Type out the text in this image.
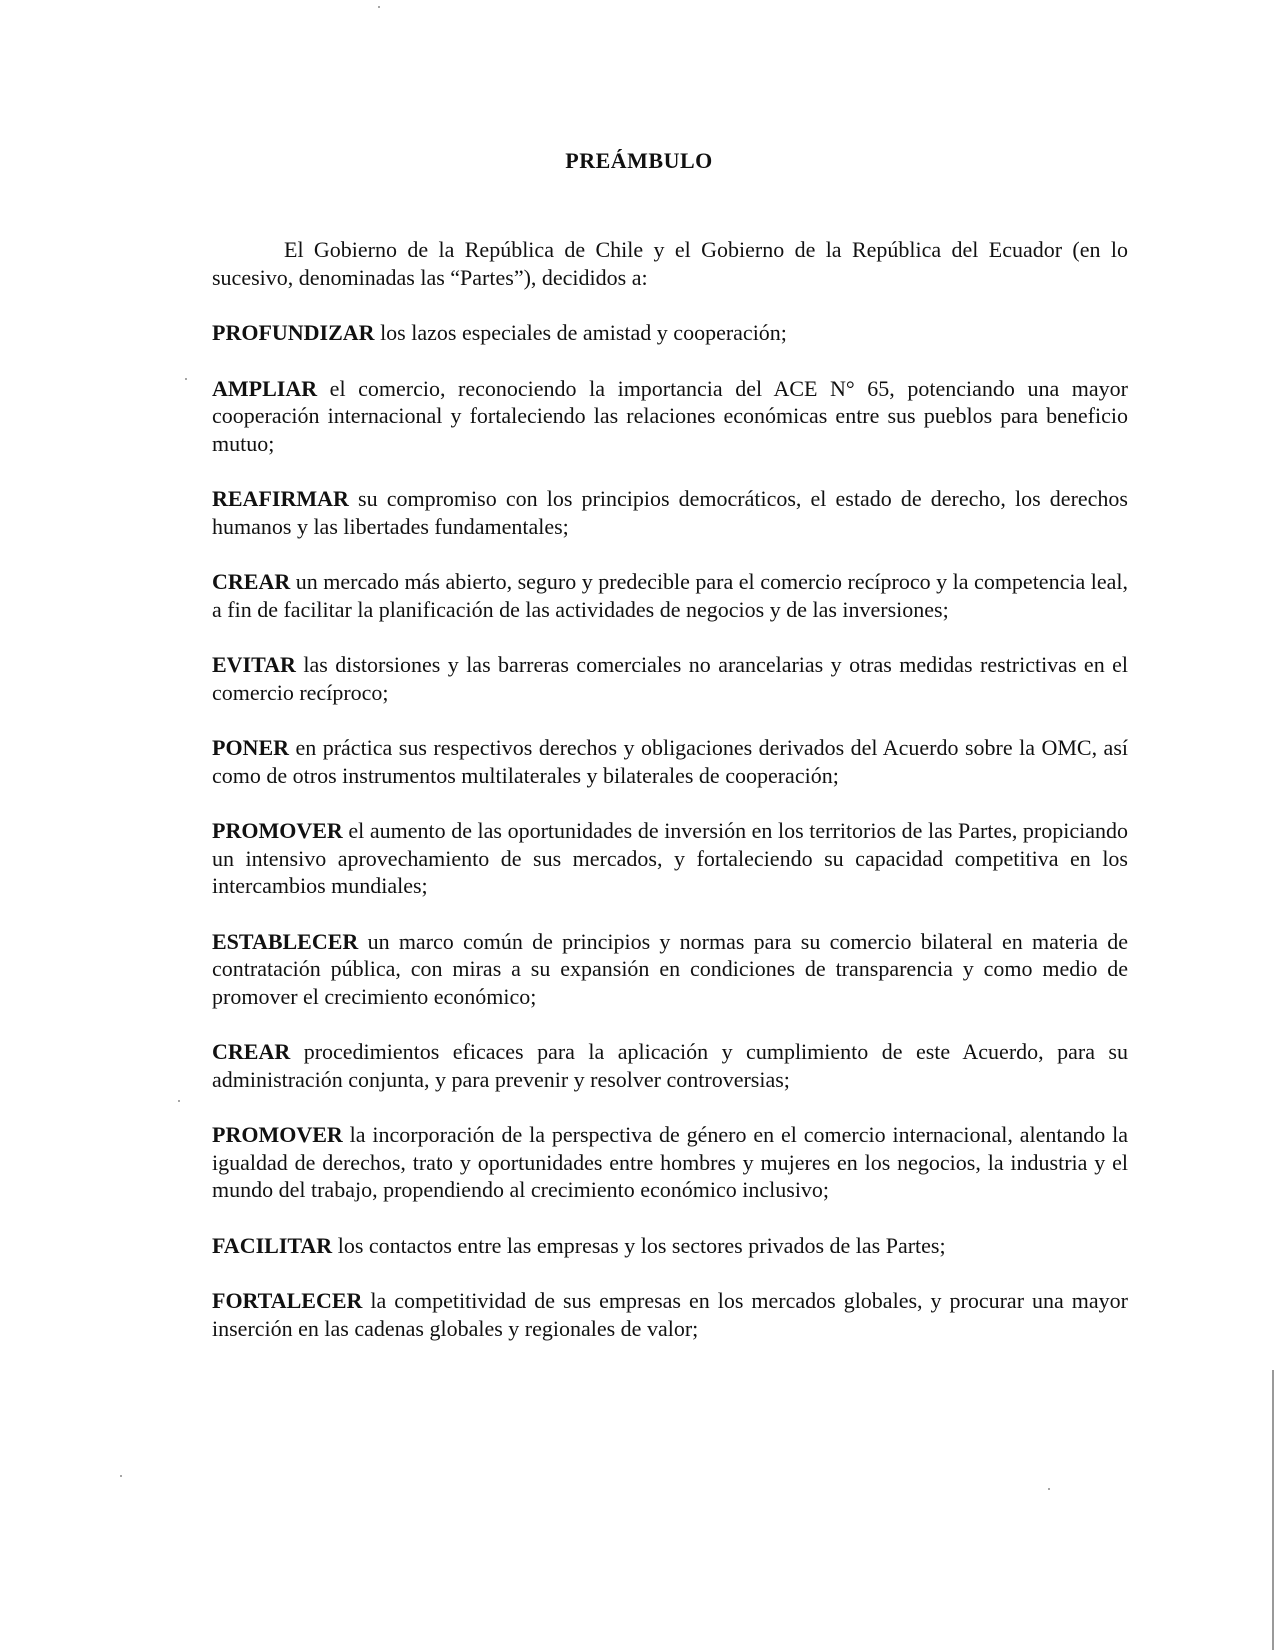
PREÁMBULO

El Gobierno de la República de Chile y el Gobierno de la República del Ecuador (en lo sucesivo, denominadas las “Partes”), decididos a:

PROFUNDIZAR los lazos especiales de amistad y cooperación;

AMPLIAR el comercio, reconociendo la importancia del ACE N° 65, potenciando una mayor cooperación internacional y fortaleciendo las relaciones económicas entre sus pueblos para beneficio mutuo;

REAFIRMAR su compromiso con los principios democráticos, el estado de derecho, los derechos humanos y las libertades fundamentales;

CREAR un mercado más abierto, seguro y predecible para el comercio recíproco y la competencia leal, a fin de facilitar la planificación de las actividades de negocios y de las inversiones;

EVITAR las distorsiones y las barreras comerciales no arancelarias y otras medidas restrictivas en el comercio recíproco;

PONER en práctica sus respectivos derechos y obligaciones derivados del Acuerdo sobre la OMC, así como de otros instrumentos multilaterales y bilaterales de cooperación;

PROMOVER el aumento de las oportunidades de inversión en los territorios de las Partes, propiciando un intensivo aprovechamiento de sus mercados, y fortaleciendo su capacidad competitiva en los intercambios mundiales;

ESTABLECER un marco común de principios y normas para su comercio bilateral en materia de contratación pública, con miras a su expansión en condiciones de transparencia y como medio de promover el crecimiento económico;

CREAR procedimientos eficaces para la aplicación y cumplimiento de este Acuerdo, para su administración conjunta, y para prevenir y resolver controversias;

PROMOVER la incorporación de la perspectiva de género en el comercio internacional, alentando la igualdad de derechos, trato y oportunidades entre hombres y mujeres en los negocios, la industria y el mundo del trabajo, propendiendo al crecimiento económico inclusivo;

FACILITAR los contactos entre las empresas y los sectores privados de las Partes;

FORTALECER la competitividad de sus empresas en los mercados globales, y procurar una mayor inserción en las cadenas globales y regionales de valor;
